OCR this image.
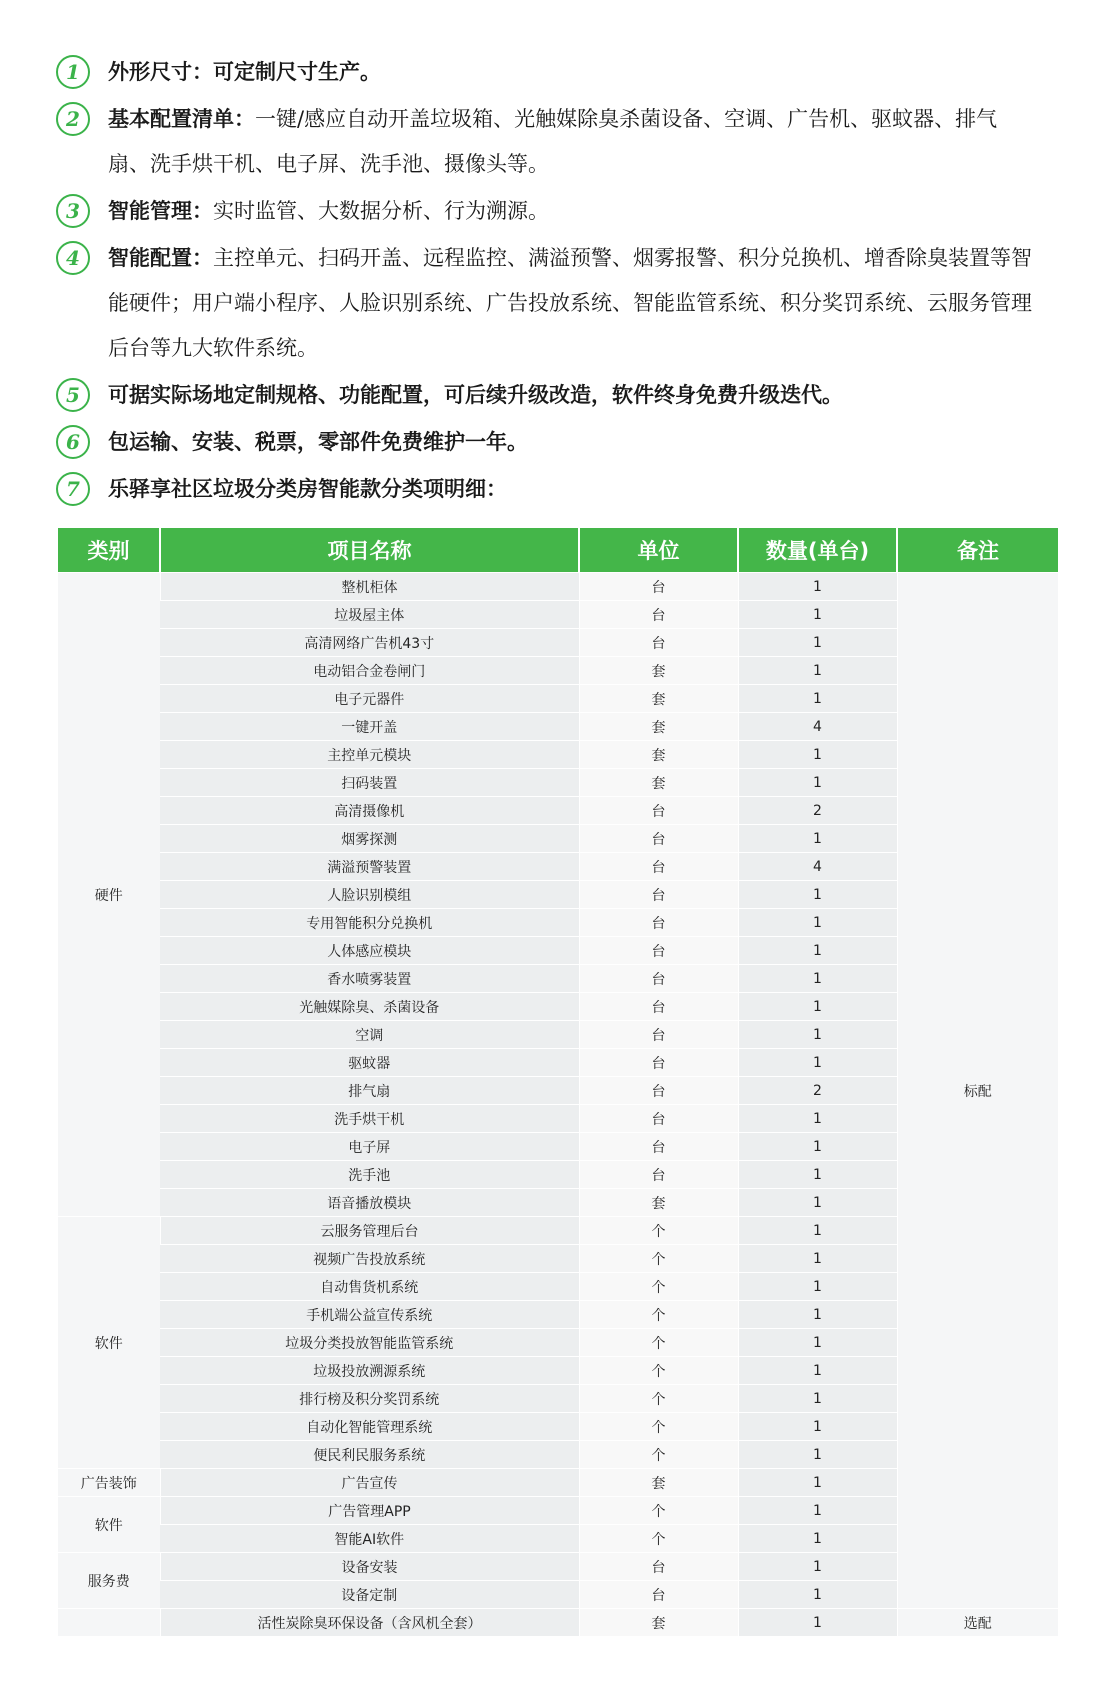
1	外形尺寸：可定制尺寸生产。
2	基本配置清单：一键/感应自动开盖垃圾箱、光触媒除臭杀菌设备、空调、广告机、驱蚊器、排气扇、洗手烘干机、电子屏、洗手池、摄像头等。
3	智能管理：实时监管、大数据分析、行为溯源。
4	智能配置：主控单元、扫码开盖、远程监控、满溢预警、烟雾报警、积分兑换机、增香除臭装置等智能硬件；用户端小程序、人脸识别系统、广告投放系统、智能监管系统、积分奖罚系统、云服务管理后台等九大软件系统。
5	可据实际场地定制规格、功能配置，可后续升级改造，软件终身免费升级迭代。
6	包运输、安装、税票，零部件免费维护一年。
7	乐驿享社区垃圾分类房智能款分类项明细：
类别	项目名称	单位	数量(单台)	备注
硬件	整机柜体	台	1	标配
	垃圾屋主体	台	1	
	高清网络广告机43寸	台	1	
	电动铝合金卷闸门	套	1	
	电子元器件	套	1	
	一键开盖	套	4	
	主控单元模块	套	1	
	扫码装置	套	1	
	高清摄像机	台	2	
	烟雾探测	台	1	
	满溢预警装置	台	4	
	人脸识别模组	台	1	
	专用智能积分兑换机	台	1	
	人体感应模块	台	1	
	香水喷雾装置	台	1	
	光触媒除臭、杀菌设备	台	1	
	空调	台	1	
	驱蚊器	台	1	
	排气扇	台	2	
	洗手烘干机	台	1	
	电子屏	台	1	
	洗手池	台	1	
	语音播放模块	套	1	
软件	云服务管理后台	个	1	
	视频广告投放系统	个	1	
	自动售货机系统	个	1	
	手机端公益宣传系统	个	1	
	垃圾分类投放智能监管系统	个	1	
	垃圾投放溯源系统	个	1	
	排行榜及积分奖罚系统	个	1	
	自动化智能管理系统	个	1	
	便民利民服务系统	个	1	
广告装饰	广告宣传	套	1	
软件	广告管理APP	个	1	
	智能AI软件	个	1	
服务费	设备安装	台	1	
	设备定制	台	1	
	活性炭除臭环保设备（含风机全套）	套	1	选配
